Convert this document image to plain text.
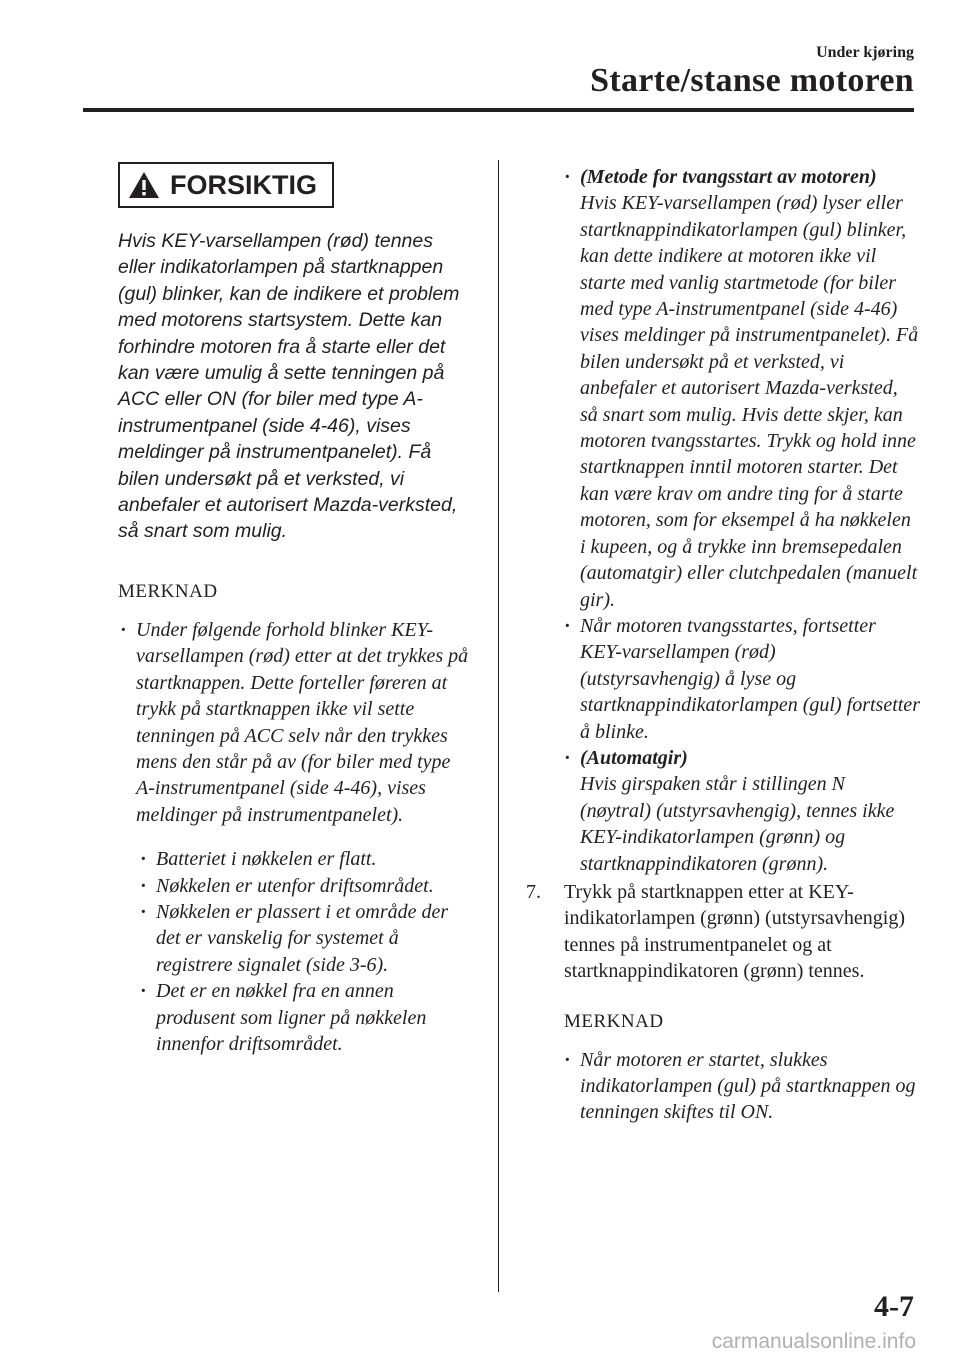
Under kjøring
Starte/stanse motoren
FORSIKTIG
Hvis KEY-varsellampen (rød) tennes eller indikatorlampen på startknappen (gul) blinker, kan de indikere et problem med motorens startsystem. Dette kan forhindre motoren fra å starte eller det kan være umulig å sette tenningen på ACC eller ON (for biler med type A-instrumentpanel (side 4-46), vises meldinger på instrumentpanelet). Få bilen undersøkt på et verksted, vi anbefaler et autorisert Mazda-verksted, så snart som mulig.
MERKNAD
· Under følgende forhold blinker KEY-varsellampen (rød) etter at det trykkes på startknappen. Dette forteller føreren at trykk på startknappen ikke vil sette tenningen på ACC selv når den trykkes mens den står på av (for biler med type A-instrumentpanel (side 4-46), vises meldinger på instrumentpanelet).
· Batteriet i nøkkelen er flatt.
· Nøkkelen er utenfor driftsområdet.
· Nøkkelen er plassert i et område der det er vanskelig for systemet å registrere signalet (side 3-6).
· Det er en nøkkel fra en annen produsent som ligner på nøkkelen innenfor driftsområdet.
· (Metode for tvangsstart av motoren)
Hvis KEY-varsellampen (rød) lyser eller startknappindikatorlampen (gul) blinker, kan dette indikere at motoren ikke vil starte med vanlig startmetode (for biler med type A-instrumentpanel (side 4-46) vises meldinger på instrumentpanelet). Få bilen undersøkt på et verksted, vi anbefaler et autorisert Mazda-verksted, så snart som mulig. Hvis dette skjer, kan motoren tvangsstartes. Trykk og hold inne startknappen inntil motoren starter. Det kan være krav om andre ting for å starte motoren, som for eksempel å ha nøkkelen i kupeen, og å trykke inn bremsepedalen (automatgir) eller clutchpedalen (manuelt gir).
· Når motoren tvangsstartes, fortsetter KEY-varsellampen (rød) (utstyrsavhengig) å lyse og startknappindikatorlampen (gul) fortsetter å blinke.
· (Automatgir)
Hvis girspaken står i stillingen N (nøytral) (utstyrsavhengig), tennes ikke KEY-indikatorlampen (grønn) og startknappindikatoren (grønn).
7.	Trykk på startknappen etter at KEY-indikatorlampen (grønn) (utstyrsavhengig) tennes på instrumentpanelet og at startknappindikatoren (grønn) tennes.
MERKNAD
· Når motoren er startet, slukkes indikatorlampen (gul) på startknappen og tenningen skiftes til ON.
4-7
carmanualsonline.info
